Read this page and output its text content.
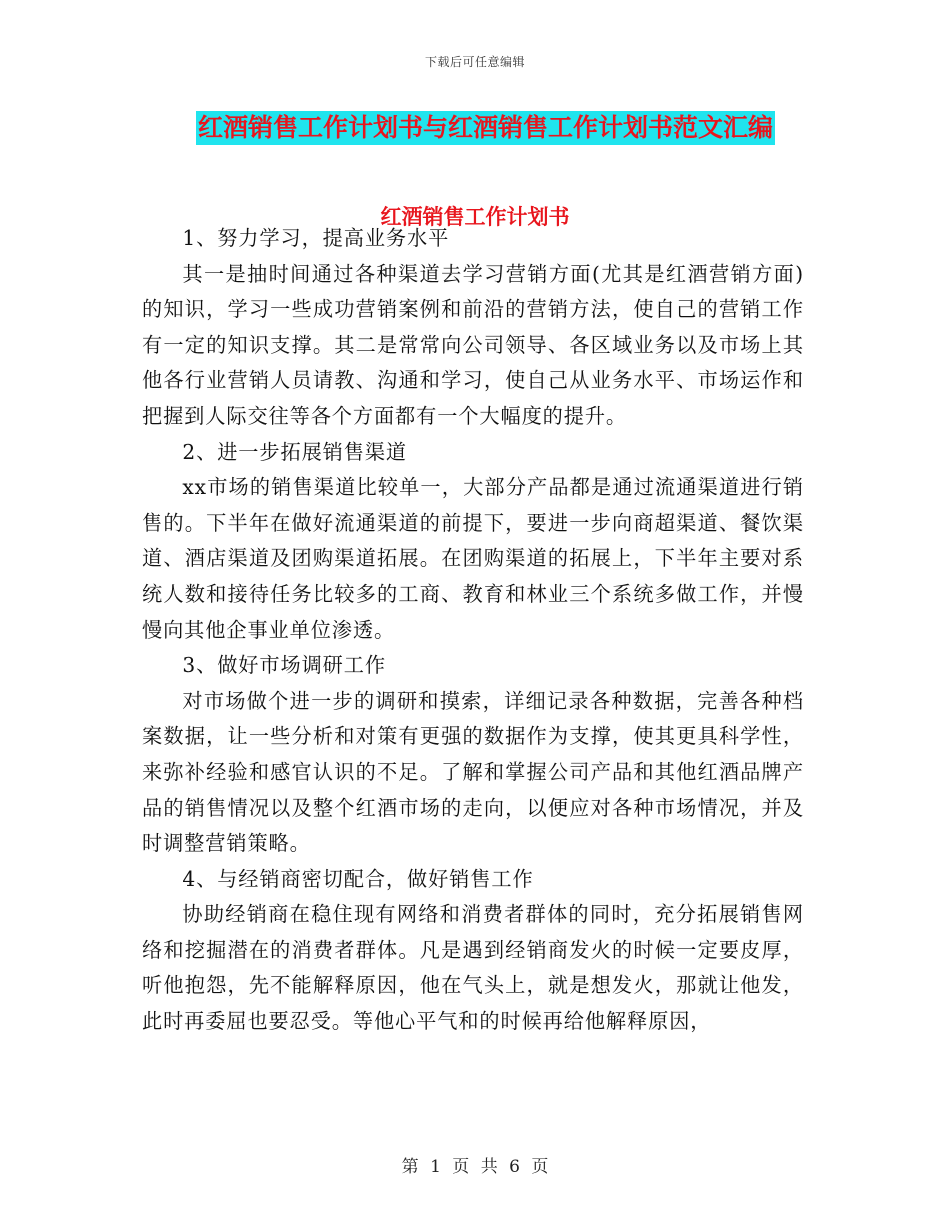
下载后可任意编辑
红酒销售工作计划书与红酒销售工作计划书范文汇编
红酒销售工作计划书

1、努力学习，提高业务水平

其一是抽时间通过各种渠道去学习营销方面(尤其是红酒营销方面)的知识，学习一些成功营销案例和前沿的营销方法，使自己的营销工作有一定的知识支撑。其二是常常向公司领导、各区域业务以及市场上其他各行业营销人员请教、沟通和学习，使自己从业务水平、市场运作和把握到人际交往等各个方面都有一个大幅度的提升。

2、进一步拓展销售渠道

xx市场的销售渠道比较单一，大部分产品都是通过流通渠道进行销售的。下半年在做好流通渠道的前提下，要进一步向商超渠道、餐饮渠道、酒店渠道及团购渠道拓展。在团购渠道的拓展上，下半年主要对系统人数和接待任务比较多的工商、教育和林业三个系统多做工作，并慢慢向其他企事业单位渗透。

3、做好市场调研工作

对市场做个进一步的调研和摸索，详细记录各种数据，完善各种档案数据，让一些分析和对策有更强的数据作为支撑，使其更具科学性，来弥补经验和感官认识的不足。了解和掌握公司产品和其他红酒品牌产品的销售情况以及整个红酒市场的走向，以便应对各种市场情况，并及时调整营销策略。

4、与经销商密切配合，做好销售工作

协助经销商在稳住现有网络和消费者群体的同时，充分拓展销售网络和挖掘潜在的消费者群体。凡是遇到经销商发火的时候一定要皮厚，听他抱怨，先不能解释原因，他在气头上，就是想发火，那就让他发，此时再委屈也要忍受。等他心平气和的时候再给他解释原因，

第 1 页 共 6 页
